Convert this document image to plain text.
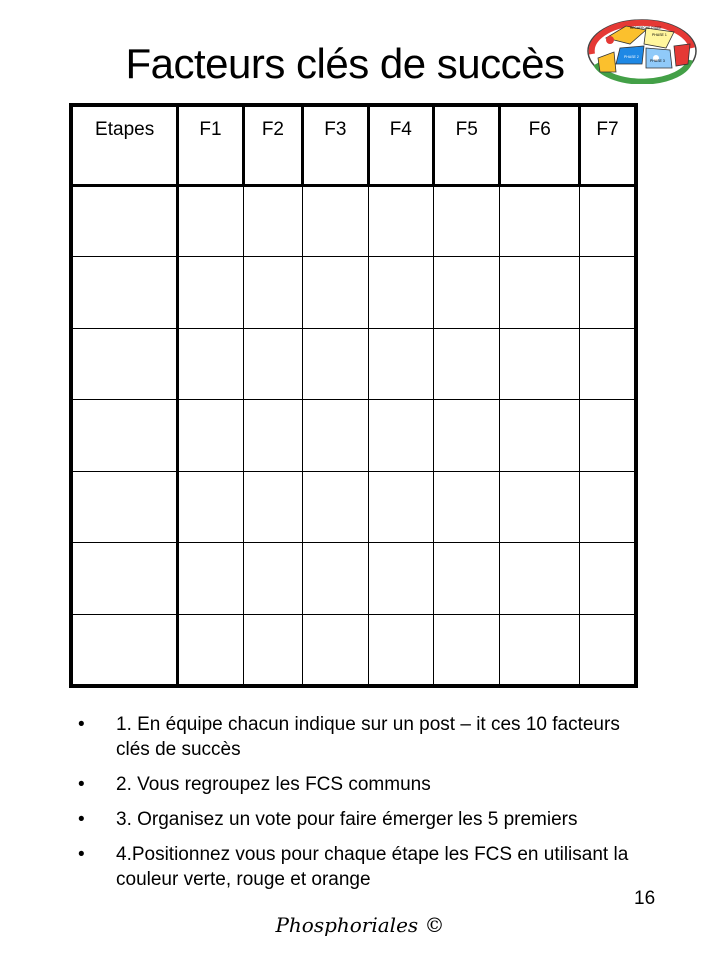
Facteurs clés de succès
RECHERCHE D'IDEE
PHASE 1
PHASE 2
PHASE 3
Etapes	F1	F2	F3	F4	F5	F6	F7

• 1. En équipe chacun indique sur un post – it ces 10 facteurs clés de succès
• 2. Vous regroupez les FCS communs
• 3. Organisez un vote pour faire émerger les 5 premiers
• 4.Positionnez vous pour chaque étape les FCS en utilisant la couleur verte, rouge et orange
16
Phosphoriales ©
